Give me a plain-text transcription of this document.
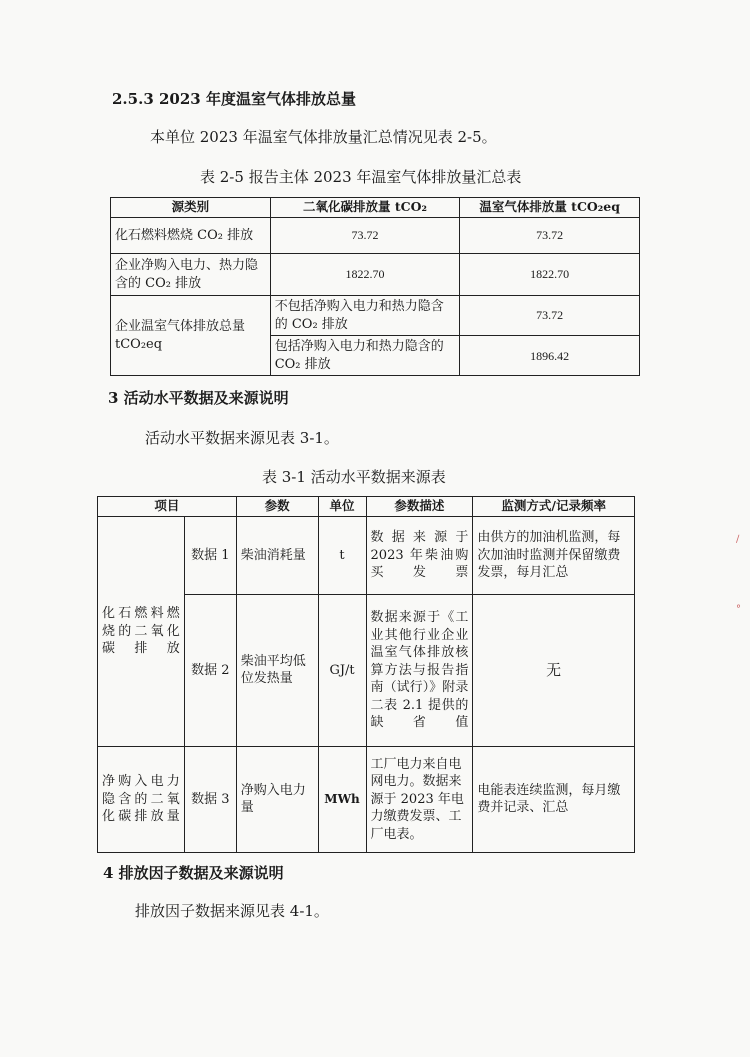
2.5.3 2023 年度温室气体排放总量
本单位 2023 年温室气体排放量汇总情况见表 2-5。
表 2-5 报告主体 2023 年温室气体排放量汇总表
源类别	二氧化碳排放量 tCO₂	温室气体排放量 tCO₂eq
化石燃料燃烧 CO₂ 排放	73.72	73.72
企业净购入电力、热力隐含的 CO₂ 排放	1822.70	1822.70
企业温室气体排放总量 tCO₂eq	不包括净购入电力和热力隐含的 CO₂ 排放	73.72
	包括净购入电力和热力隐含的 CO₂ 排放	1896.42
3 活动水平数据及来源说明
活动水平数据来源见表 3-1。
表 3-1 活动水平数据来源表
项目		参数	单位	参数描述	监测方式/记录频率
化石燃料燃烧的二氧化碳排放	数据 1	柴油消耗量	t	数据来源于 2023 年柴油购买发票	由供方的加油机监测，每次加油时监测并保留缴费发票，每月汇总
	数据 2	柴油平均低位发热量	GJ/t	数据来源于《工业其他行业企业温室气体排放核算方法与报告指南（试行）》附录二表 2.1 提供的缺省值	无
净购入电力隐含的二氧化碳排放量	数据 3	净购入电力量	MWh	工厂电力来自电网电力。数据来源于 2023 年电力缴费发票、工厂电表。	电能表连续监测，每月缴费并记录、汇总
4 排放因子数据及来源说明
排放因子数据来源见表 4-1。
∕
°
